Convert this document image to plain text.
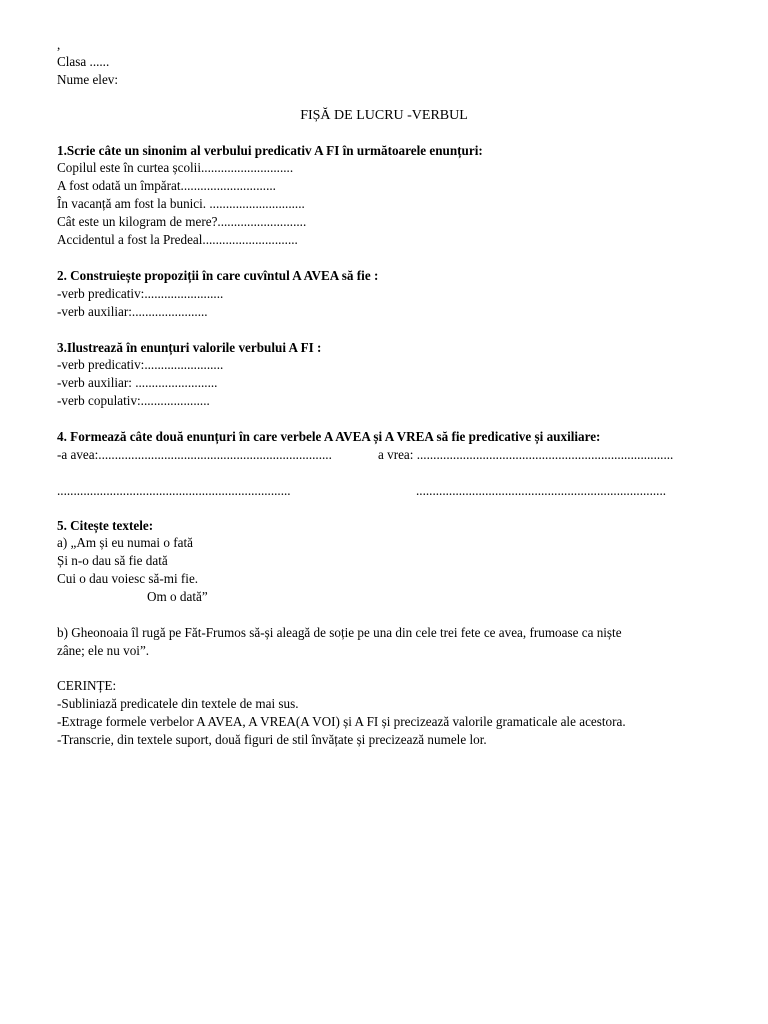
,
Clasa ......
Nume elev:
FIȘĂ DE LUCRU -VERBUL
1.Scrie câte un sinonim al verbului predicativ A FI în următoarele enunțuri:
Copilul este în curtea școlii............................
A fost odată un împărat.............................
În vacanță am fost la bunici. .............................
Cât este un kilogram de mere?...........................
Accidentul a fost la Predeal.............................
2. Construiește propoziții în care cuvîntul A AVEA să fie :
-verb predicativ:........................
-verb auxiliar:.......................
3.Ilustrează în enunțuri valorile verbului A FI :
-verb predicativ:........................
-verb auxiliar: .........................
-verb copulativ:.....................
4. Formează câte două enunțuri în care verbele A AVEA și A VREA să fie predicative și auxiliare:
-a avea:.......................................................................	a vrea: ..............................................................................
.......................................................................	............................................................................
5. Citește textele:
a) „Am și eu numai o fată
Și n-o dau să fie dată
Cui o dau voiesc să-mi fie.
Om o dată”
b) Gheonoaia îl rugă pe Făt-Frumos să-și aleagă de soție pe una din cele trei fete ce avea, frumoase ca niște
zâne; ele nu voi”.
CERINȚE:
-Subliniază predicatele din textele de mai sus.
-Extrage formele verbelor A AVEA, A VREA(A VOI) și A FI și precizează valorile gramaticale ale acestora.
-Transcrie, din textele suport, două figuri de stil învățate și precizează numele lor.
